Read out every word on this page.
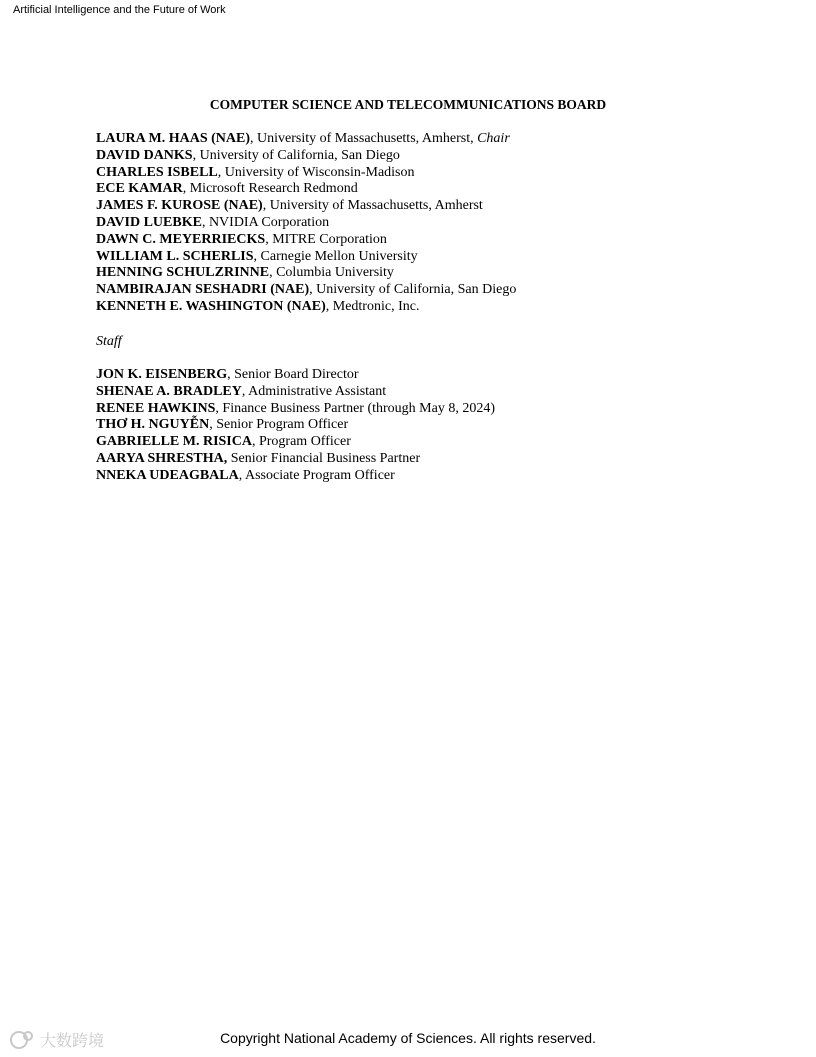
Artificial Intelligence and the Future of Work
COMPUTER SCIENCE AND TELECOMMUNICATIONS BOARD
LAURA M. HAAS (NAE), University of Massachusetts, Amherst, Chair
DAVID DANKS, University of California, San Diego
CHARLES ISBELL, University of Wisconsin-Madison
ECE KAMAR, Microsoft Research Redmond
JAMES F. KUROSE (NAE), University of Massachusetts, Amherst
DAVID LUEBKE, NVIDIA Corporation
DAWN C. MEYERRIECKS, MITRE Corporation
WILLIAM L. SCHERLIS, Carnegie Mellon University
HENNING SCHULZRINNE, Columbia University
NAMBIRAJAN SESHADRI (NAE), University of California, San Diego
KENNETH E. WASHINGTON (NAE), Medtronic, Inc.

Staff

JON K. EISENBERG, Senior Board Director
SHENAE A. BRADLEY, Administrative Assistant
RENEE HAWKINS, Finance Business Partner (through May 8, 2024)
THƠ H. NGUYỄN, Senior Program Officer
GABRIELLE M. RISICA, Program Officer
AARYA SHRESTHA, Senior Financial Business Partner
NNEKA UDEAGBALA, Associate Program Officer
大数跨境	Copyright National Academy of Sciences. All rights reserved.
